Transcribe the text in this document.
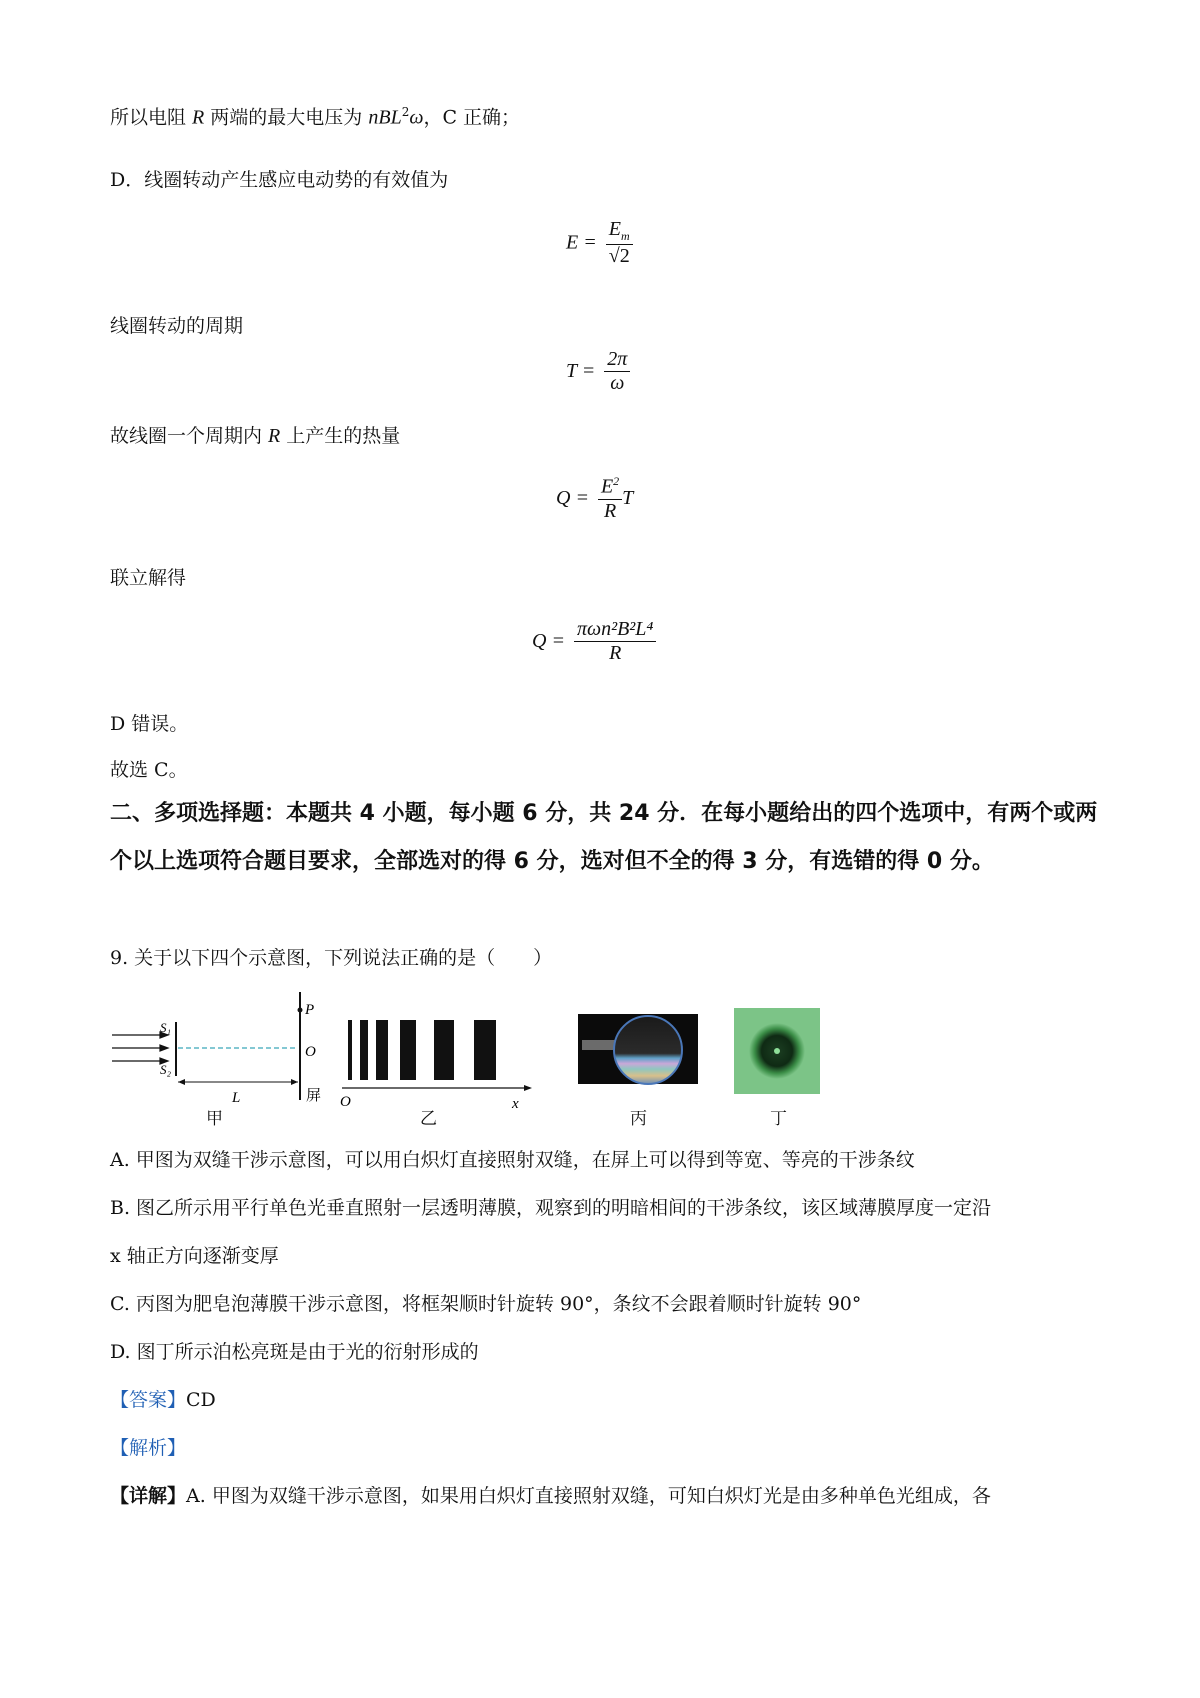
所以电阻 R 两端的最大电压为 nBL$^2$ω，C 正确；
D．线圈转动产生感应电动势的有效值为
$E = \frac{E_m}{√2}$
线圈转动的周期
$T = \frac{2\pi}{\omega}$
故线圈一个周期内 R 上产生的热量
$Q = \frac{E^2}{R}$ T
联立解得
$Q = \frac{\text{πωn²B²L⁴}}{R}$
D 错误。
故选 C。
二、多项选择题：本题共 4 小题，每小题 6 分，共 24 分．在每小题给出的四个选项中，有两个或两个以上选项符合题目要求，全部选对的得 6 分，选对但不全的得 3 分，有选错的得 0 分。
9. 关于以下四个示意图，下列说法正确的是（　　）
S₁
S₂
P
O
L	屏 O	x
甲	乙	丙	丁
A. 甲图为双缝干涉示意图，可以用白炽灯直接照射双缝，在屏上可以得到等宽、等亮的干涉条纹
B. 图乙所示用平行单色光垂直照射一层透明薄膜，观察到的明暗相间的干涉条纹，该区域薄膜厚度一定沿
x 轴正方向逐渐变厚
C. 丙图为肥皂泡薄膜干涉示意图，将框架顺时针旋转 90°，条纹不会跟着顺时针旋转 90°
D. 图丁所示泊松亮斑是由于光的衍射形成的
【答案】CD
【解析】
【详解】A. 甲图为双缝干涉示意图，如果用白炽灯直接照射双缝，可知白炽灯光是由多种单色光组成，各
